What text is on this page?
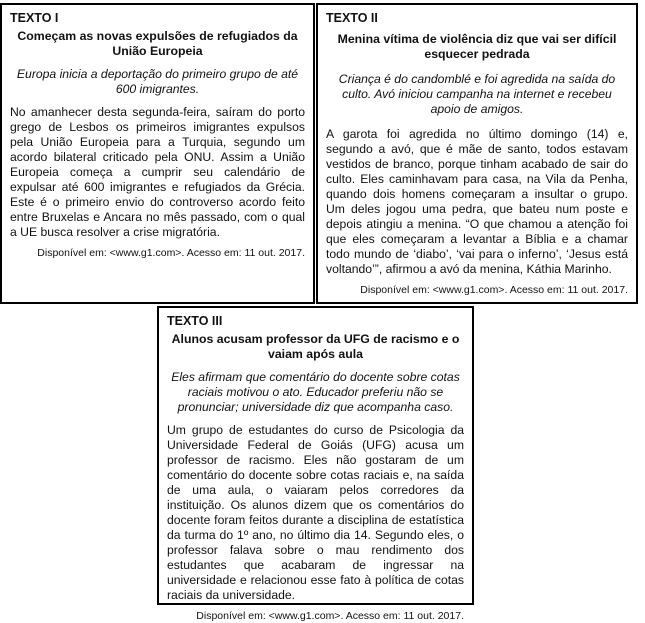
TEXTO I

Começam as novas expulsões de refugiados da União Europeia

Europa inicia a deportação do primeiro grupo de até 600 imigrantes.

No amanhecer desta segunda-feira, saíram do porto grego de Lesbos os primeiros imigrantes expulsos pela União Europeia para a Turquia, segundo um acordo bilateral criticado pela ONU. Assim a União Europeia começa a cumprir seu calendário de expulsar até 600 imigrantes e refugiados da Grécia. Este é o primeiro envio do controverso acordo feito entre Bruxelas e Ancara no mês passado, com o qual a UE busca resolver a crise migratória.

Disponível em: <www.g1.com>. Acesso em: 11 out. 2017.

TEXTO II

Menina vítima de violência diz que vai ser difícil esquecer pedrada

Criança é do candomblé e foi agredida na saída do culto. Avó iniciou campanha na internet e recebeu apoio de amigos.

A garota foi agredida no último domingo (14) e, segundo a avó, que é mãe de santo, todos estavam vestidos de branco, porque tinham acabado de sair do culto. Eles caminhavam para casa, na Vila da Penha, quando dois homens começaram a insultar o grupo. Um deles jogou uma pedra, que bateu num poste e depois atingiu a menina. “O que chamou a atenção foi que eles começaram a levantar a Bíblia e a chamar todo mundo de ‘diabo’, ‘vai para o inferno’, ‘Jesus está voltando’”, afirmou a avó da menina, Káthia Marinho.

Disponível em: <www.g1.com>. Acesso em: 11 out. 2017.

TEXTO III

Alunos acusam professor da UFG de racismo e o vaiam após aula

Eles afirmam que comentário do docente sobre cotas raciais motivou o ato. Educador preferiu não se pronunciar; universidade diz que acompanha caso.

Um grupo de estudantes do curso de Psicologia da Universidade Federal de Goiás (UFG) acusa um professor de racismo. Eles não gostaram de um comentário do docente sobre cotas raciais e, na saída de uma aula, o vaiaram pelos corredores da instituição. Os alunos dizem que os comentários do docente foram feitos durante a disciplina de estatística da turma do 1º ano, no último dia 14. Segundo eles, o professor falava sobre o mau rendimento dos estudantes que acabaram de ingressar na universidade e relacionou esse fato à política de cotas raciais da universidade.

Disponível em: <www.g1.com>. Acesso em: 11 out. 2017.
